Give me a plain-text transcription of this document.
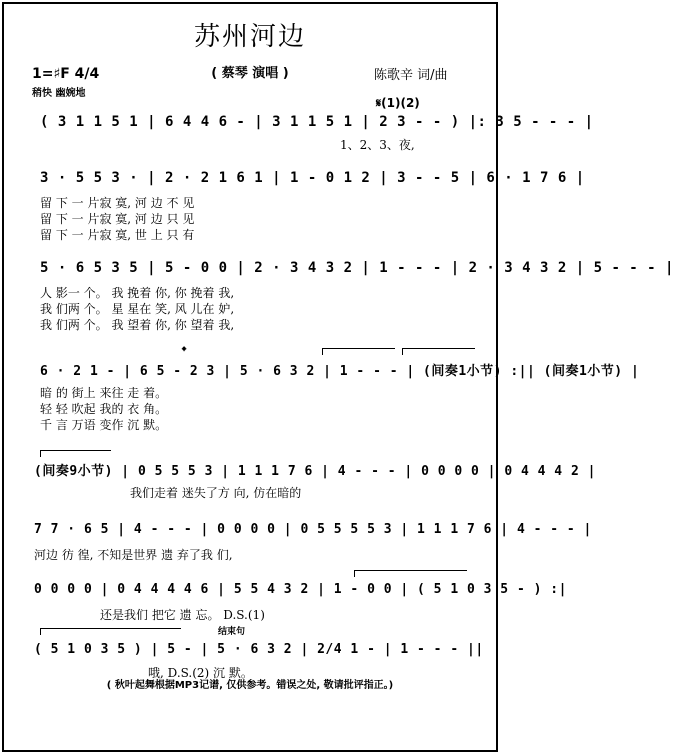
苏州河边
( 蔡琴 演唱 )
1=♯F 4/4
稍快 幽婉地
陈歌辛 词/曲
𝄋(1)(2)
( 3 1 1 5 1 | 6 4 4 6 - | 3 1 1 5 1 | 2 3 - - ) |: 3 5 - - - |
1、2、3、夜,
3 · 5 5 3 · | 2 · 2 1 6 1 | 1 - 0 1 2 | 3 - - 5 | 6 · 1 7 6 |
留 下 一 片寂 寞, 河 边 不 见
留 下 一 片寂 寞, 河 边 只 见
留 下 一 片寂 寞, 世 上 只 有
5 · 6 5 3 5 | 5 - 0 0 | 2 · 3 4 3 2 | 1 - - - | 2 · 3 4 3 2 | 5 - - - |
人 影一 个。 我 挽着 你, 你 挽着 我,
我 们两 个。 星 星在 笑, 风 儿在 妒,
我 们两 个。 我 望着 你, 你 望着 我,
𝄌
6 · 2 1 - | 6 5 - 2 3 | 5 · 6 3 2 | 1 - - - | (间奏1小节) :|| (间奏1小节) |
暗 的 街上 来往 走 着。
轻 轻 吹起 我的 衣 角。
千 言 万语 变作 沉 默。
(间奏9小节) | 0 5 5 5 3 | 1 1 1 7 6 | 4 - - - | 0 0 0 0 | 0 4 4 4 2 |
我们走着 迷失了方 向, 仿在暗的
7 7 · 6 5 | 4 - - - | 0 0 0 0 | 0 5 5 5 5 3 | 1 1 1 7 6 | 4 - - - |
河边 彷 徨, 不知是世界 遗 弃了我 们,
0 0 0 0 | 0 4 4 4 4 6 | 5 5 4 3 2 | 1 - 0 0 | ( 5 1 0 3 5 - ) :|
还是我们 把它 遗 忘。 D.S.(1)
结束句
( 5 1 0 3 5 ) | 5 - | 5 · 6 3 2 | 2/4 1 - | 1 - - - ||
哦, D.S.(2) 沉 默。
( 秋叶起舞根据MP3记谱, 仅供参考。错误之处, 敬请批评指正。)
